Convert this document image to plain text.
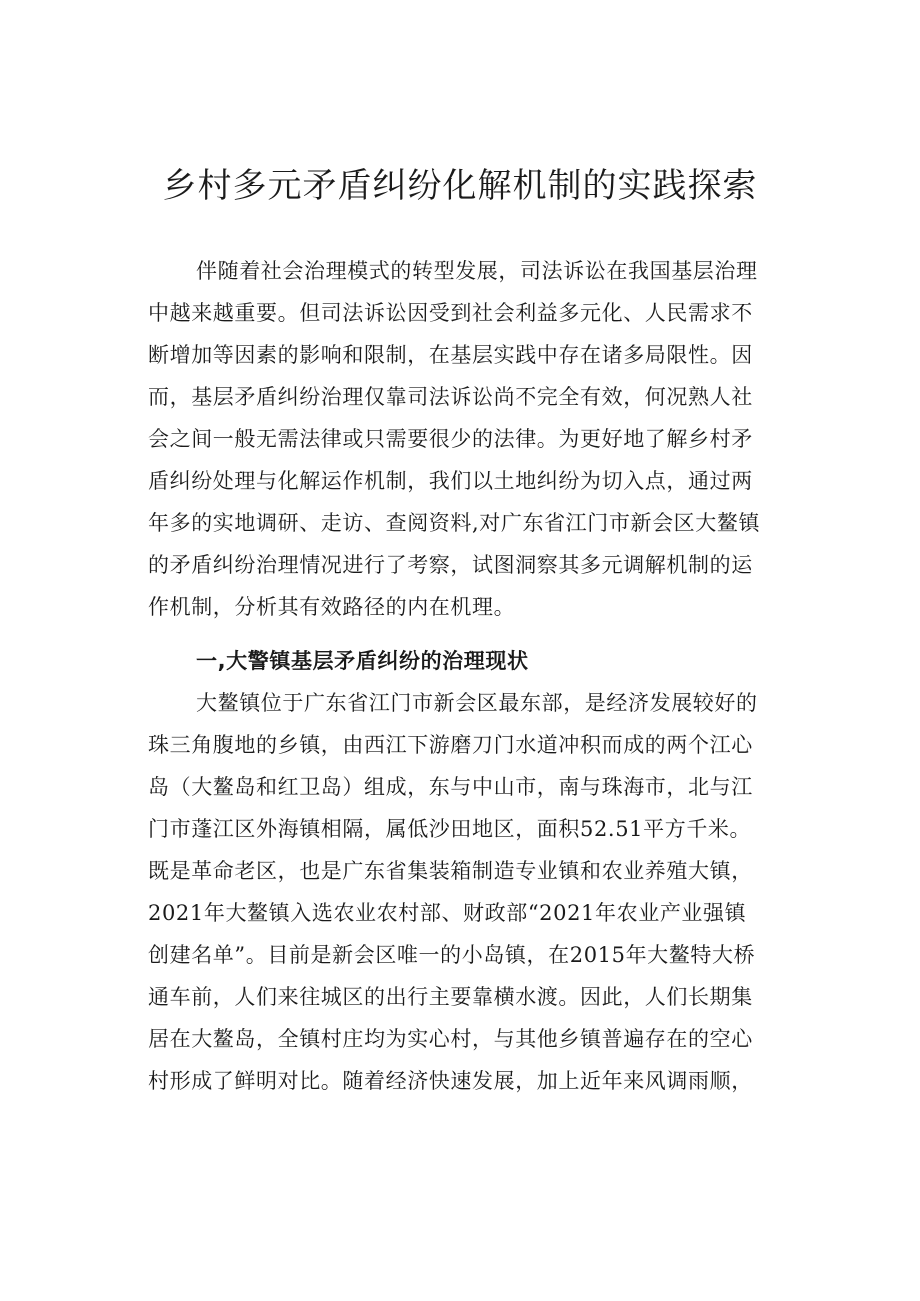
乡村多元矛盾纠纷化解机制的实践探索
伴随着社会治理模式的转型发展，司法诉讼在我国基层治理
中越来越重要。但司法诉讼因受到社会利益多元化、人民需求不
断增加等因素的影响和限制，在基层实践中存在诸多局限性。因
而，基层矛盾纠纷治理仅靠司法诉讼尚不完全有效，何况熟人社
会之间一般无需法律或只需要很少的法律。为更好地了解乡村矛
盾纠纷处理与化解运作机制，我们以土地纠纷为切入点，通过两
年多的实地调研、走访、查阅资料,对广东省江门市新会区大鳌镇
的矛盾纠纷治理情况进行了考察，试图洞察其多元调解机制的运
作机制，分析其有效路径的内在机理。
一,大警镇基层矛盾纠纷的治理现状
大鳌镇位于广东省江门市新会区最东部，是经济发展较好的
珠三角腹地的乡镇，由西江下游磨刀门水道冲积而成的两个江心
岛（大鳌岛和红卫岛）组成，东与中山市，南与珠海市，北与江
门市蓬江区外海镇相隔，属低沙田地区，面积52.51平方千米。
既是革命老区，也是广东省集装箱制造专业镇和农业养殖大镇，
2021年大鳌镇入选农业农村部、财政部“2021年农业产业强镇
创建名单”。目前是新会区唯一的小岛镇，在2015年大鳌特大桥
通车前，人们来往城区的出行主要靠横水渡。因此，人们长期集
居在大鳌岛，全镇村庄均为实心村，与其他乡镇普遍存在的空心
村形成了鲜明对比。随着经济快速发展，加上近年来风调雨顺，
